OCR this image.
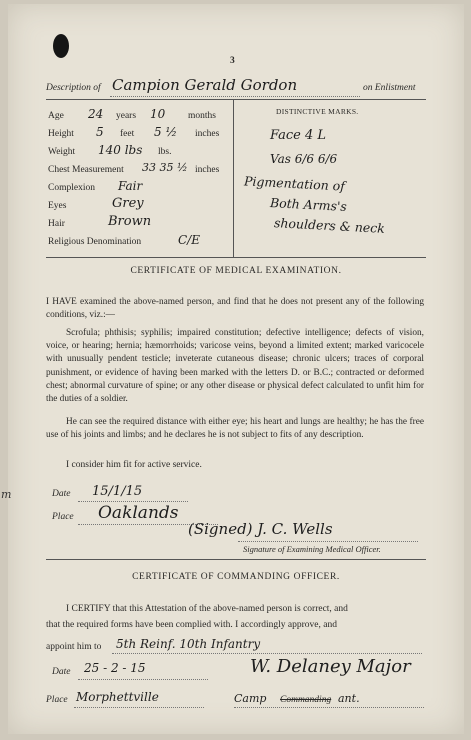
3
Description of Campion Gerald Gordon	on Enlistment
Age 24 years 10 months
Height 5 feet 5 ½ inches
Weight 140 lbs lbs.
Chest Measurement 33 35 ½ inches
Complexion Fair
Eyes	Grey
Hair	Brown
Religious Denomination	C/E
DISTINCTIVE MARKS.
Face 4 L
Vas 6/6 6/6
Pigmentation of
Both Arms's
shoulders & neck
CERTIFICATE OF MEDICAL EXAMINATION.
I HAVE examined the above-named person, and find that he does not present any of the following conditions, viz.:—
Scrofula; phthisis; syphilis; impaired constitution; defective intelligence; defects of vision, voice, or hearing; hernia; hæmorrhoids; varicose veins, beyond a limited extent; marked varicocele with unusually pendent testicle; inveterate cutaneous disease; chronic ulcers; traces of corporal punishment, or evidence of having been marked with the letters D. or B.C.; contracted or deformed chest; abnormal curvature of spine; or any other disease or physical defect calculated to unfit him for the duties of a soldier.
He can see the required distance with either eye; his heart and lungs are healthy; he has the free use of his joints and limbs; and he declares he is not subject to fits of any description.
I consider him fit for active service.
Date 15/1/15
Place Oaklands
(Signed) J. C. Wells
Signature of Examining Medical Officer.
CERTIFICATE OF COMMANDING OFFICER.
I CERTIFY that this Attestation of the above-named person is correct, and
that the required forms have been complied with. I accordingly approve, and
appoint him to 5th Reinf. 10th Infantry
Date 25 - 2 - 15	W. Delaney Major
Place Morphettville	Camp Commanding ant.
m
